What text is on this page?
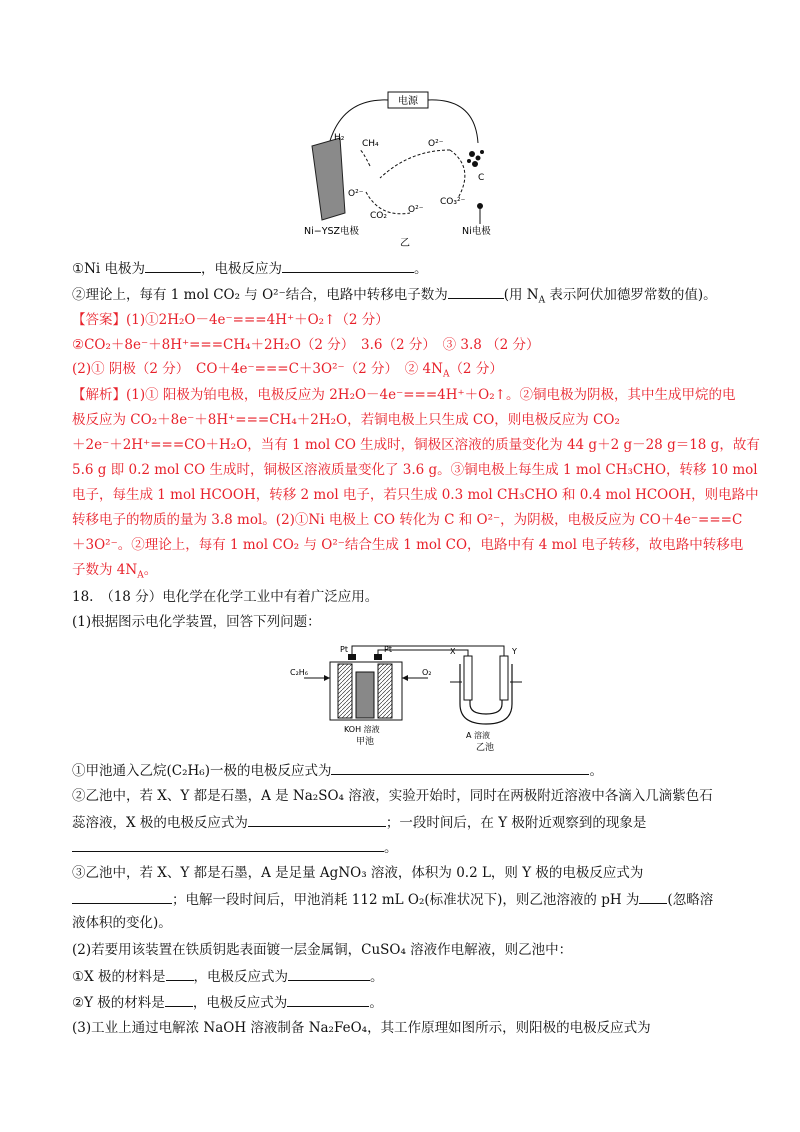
电源
H₂
CH₄	O²⁻
O²⁻
CO₂
O²⁻
CO₃²⁻
C
Ni−YSZ电极	Ni电极
乙
①Ni 电极为	，电极反应为	。
②理论上，每有 1 mol CO₂ 与 O²⁻结合，电路中转移电子数为	(用 $N_A$ 表示阿伏加德罗常数的值)。
【答案】(1)①2H₂O－4e⁻===4H⁺＋O₂↑（2 分）
②CO₂＋8e⁻＋8H⁺===CH₄＋2H₂O（2 分）　3.6（2 分）　③ 3.8 （2 分）
(2)① 阴极（2 分）　CO＋4e⁻===C＋3O²⁻（2 分）　② $4N_A(2$ 分）
【解析】(1)① 阳极为铂电极，电极反应为 2H₂O－4e⁻===4H⁺＋O₂↑。②铜电极为阴极，其中生成甲烷的电
极反应为 CO₂＋8e⁻＋8H⁺===CH₄＋2H₂O，若铜电极上只生成 CO，则电极反应为 CO₂
＋2e⁻＋2H⁺===CO＋H₂O，当有 1 mol CO 生成时，铜极区溶液的质量变化为 44 g＋2 g－28 g＝18 g，故有
5.6 g 即 0.2 mol CO 生成时，铜极区溶液质量变化了 3.6 g。③铜电极上每生成 1 mol CH₃CHO，转移 10 mol
电子，每生成 1 mol HCOOH，转移 2 mol 电子，若只生成 0.3 mol CH₃CHO 和 0.4 mol HCOOH，则电路中
转移电子的物质的量为 3.8 mol。(2)①Ni 电极上 CO 转化为 C 和 O²⁻，为阴极，电极反应为 CO＋4e⁻===C
＋3O²⁻。②理论上，每有 1 mol CO₂ 与 O²⁻结合生成 1 mol CO，电路中有 4 mol 电子转移，故电路中转移电
子数为 $4N_A$。
18.　（18 分）电化学在化学工业中有着广泛应用。
(1)根据图示电化学装置，回答下列问题：
Pt	Pt
C₂H₆	O₂
KOH 溶液
甲池
X	Y
A 溶液
乙池
①甲池通入乙烷(C₂H₆)一极的电极反应式为	。
②乙池中，若 X、Y 都是石墨，A 是 Na₂SO₄ 溶液，实验开始时，同时在两极附近溶液中各滴入几滴紫色石
蕊溶液，X 极的电极反应式为	；一段时间后，在 Y 极附近观察到的现象是
。
③乙池中，若 X、Y 都是石墨，A 是足量 AgNO₃ 溶液，体积为 0.2 L，则 Y 极的电极反应式为
；电解一段时间后，甲池消耗 112 mL O₂(标准状况下)，则乙池溶液的 pH 为 (忽略溶
液体积的变化)。
(2)若要用该装置在铁质钥匙表面镀一层金属铜，CuSO₄ 溶液作电解液，则乙池中：
①X 极的材料是 ，电极反应式为	。
②Y 极的材料是 ，电极反应式为	。
(3)工业上通过电解浓 NaOH 溶液制备 Na₂FeO₄，其工作原理如图所示，则阳极的电极反应式为
